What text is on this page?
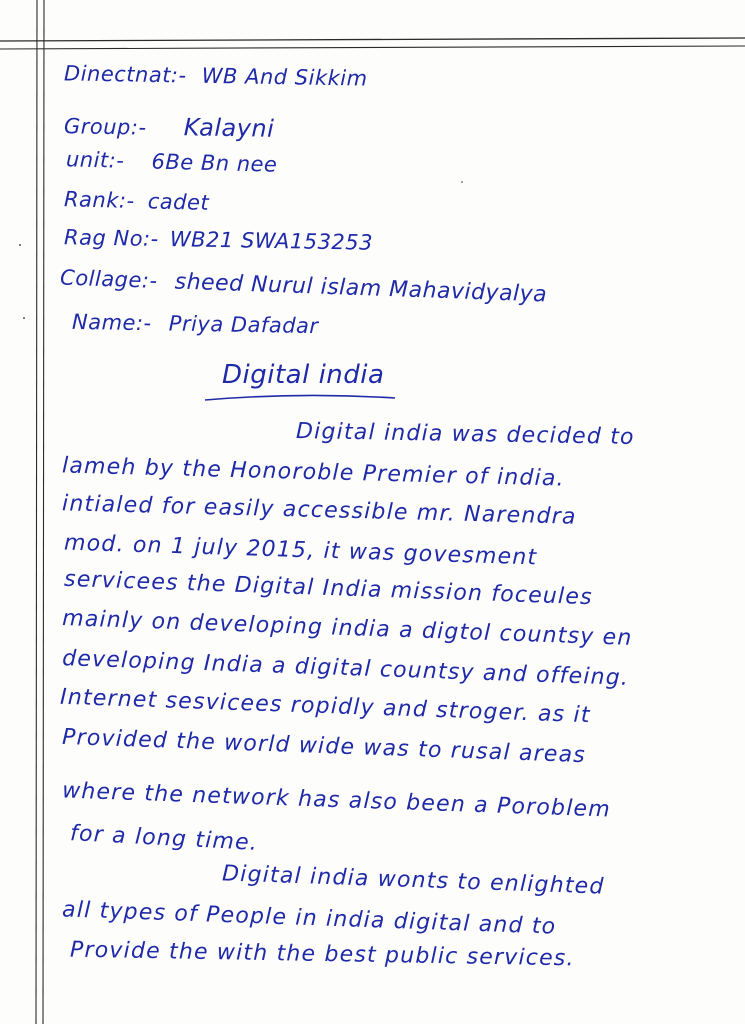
Dinectnat:- WB And Sikkim
Group:- Kalayni
unit:- 6Be Bn nee
Rank:- cadet
Rag No:- WB21 SWA153253
Collage:- sheed Nurul islam Mahavidyalya
Name:- Priya Dafadar
Digital india
Digital india was decided to
lameh by the Honoroble Premier of india.
intialed for easily accessible mr. Narendra
mod. on 1 july 2015, it was govesment
servicees the Digital India mission foceules
mainly on developing india a digtol countsy en
developing India a digital countsy and offeing.
Internet sesvicees ropidly and stroger. as it
Provided the world wide was to rusal areas
where the network has also been a Poroblem
for a long time.
Digital india wonts to enlighted
all types of People in india digital and to
Provide the with the best public services.
